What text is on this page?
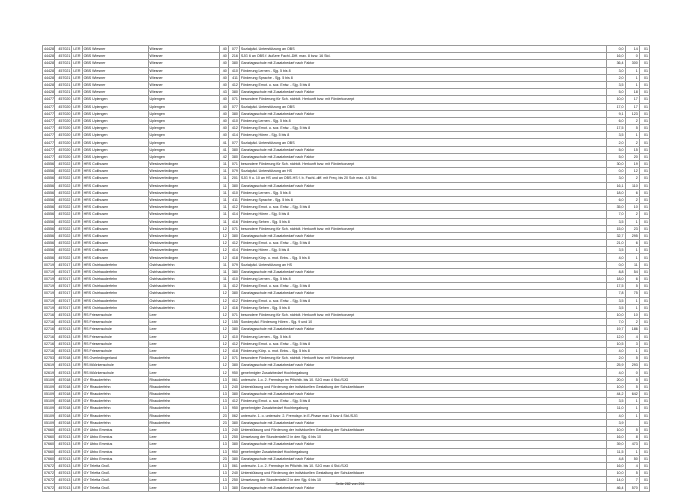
44428	457021	LER	OBS Wiesner	Wiesner	40	077	Sozialpäd. Unterstützung an OBS	0,0	14	01
44428	457021	LER	OBS Wiesner	Wiesner	40	216	SJG 6 an OBS f. äußere Fachl.-Diff. max. 8 bzw. 16 Std.	16,0	0	01
44428	457021	LER	OBS Wiesner	Wiesner	40	380	Ganztagsschule mit Zusatzbedarf nach Faktor	36,4	300	01
44428	457021	LER	OBS Wiesner	Wiesner	40	410	Förderung Lernen - Sjg. 5 bis 8	3,0	1	01
44428	457021	LER	OBS Wiesner	Wiesner	40	411	Förderung Sprache - Sjg. 5 bis 8	2,0	1	01
44428	457021	LER	OBS Wiesner	Wiesner	40	412	Förderung Emot. u. soz. Entw. - Sjg. 5 bis 8	3,5	1	01
44428	457021	LER	OBS Wiesner	Wiesner	43	380	Ganztagsschule mit Zusatzbedarf nach Faktor	5,0	18	01
44477	457020	LER	OBS Uplengen	Uplengen	40	071	besondere Förderung für Sch. nichtdt. Herkunft bzw. mit Förderkonzept	10,0	17	01
44477	457020	LER	OBS Uplengen	Uplengen	40	077	Sozialpäd. Unterstützung an OBS	17,0	17	01
44477	457020	LER	OBS Uplengen	Uplengen	40	380	Ganztagsschule mit Zusatzbedarf nach Faktor	9,1	123	01
44477	457020	LER	OBS Uplengen	Uplengen	40	410	Förderung Lernen - Sjg. 5 bis 8	6,0	2	01
44477	457020	LER	OBS Uplengen	Uplengen	40	412	Förderung Emot. u. soz. Entw. - Sjg. 5 bis 8	17,5	5	01
44477	457020	LER	OBS Uplengen	Uplengen	40	414	Förderung Hören - Sjg. 5 bis 8	3,5	1	01
44477	457020	LER	OBS Uplengen	Uplengen	41	077	Sozialpäd. Unterstützung an OBS	2,0	2	01
44477	457020	LER	OBS Uplengen	Uplengen	41	380	Ganztagsschule mit Zusatzbedarf nach Faktor	5,0	15	01
44477	457020	LER	OBS Uplengen	Uplengen	42	380	Ganztagsschule mit Zusatzbedarf nach Faktor	5,0	20	01
44556	457022	LER	HRS Collhusen	Westoverledingen	11	071	besondere Förderung für Sch. nichtdt. Herkunft bzw. mit Förderkonzept	30,0	19	01
44556	457022	LER	HRS Collhusen	Westoverledingen	11	079	Sozialpäd. Unterstützung an HS	0,0	12	01
44556	457022	LER	HRS Collhusen	Westoverledingen	11	201	SJG 9 u. 10 an HS und an OBS-HS f. b. Fachl.-diff. mit Freq. bis 20 Sch max. 4,5 Std.	3,0	2	01
44556	457022	LER	HRS Collhusen	Westoverledingen	11	380	Ganztagsschule mit Zusatzbedarf nach Faktor	16,1	110	01
44556	457022	LER	HRS Collhusen	Westoverledingen	11	410	Förderung Lernen - Sjg. 5 bis 8	18,0	6	01
44556	457022	LER	HRS Collhusen	Westoverledingen	11	411	Förderung Sprache - Sjg. 5 bis 8	6,0	2	01
44556	457022	LER	HRS Collhusen	Westoverledingen	11	412	Förderung Emot. u. soz. Entw. - Sjg. 5 bis 8	35,0	10	01
44556	457022	LER	HRS Collhusen	Westoverledingen	11	414	Förderung Hören - Sjg. 5 bis 8	7,0	2	01
44556	457022	LER	HRS Collhusen	Westoverledingen	11	416	Förderung Sehen - Sjg. 5 bis 8	3,5	1	01
44556	457022	LER	HRS Collhusen	Westoverledingen	12	071	besondere Förderung für Sch. nichtdt. Herkunft bzw. mit Förderkonzept	15,0	23	01
44556	457022	LER	HRS Collhusen	Westoverledingen	12	380	Ganztagsschule mit Zusatzbedarf nach Faktor	32,7	295	01
44556	457022	LER	HRS Collhusen	Westoverledingen	12	412	Förderung Emot. u. soz. Entw. - Sjg. 5 bis 8	21,0	6	01
44556	457022	LER	HRS Collhusen	Westoverledingen	12	414	Förderung Hören - Sjg. 5 bis 8	3,5	1	01
44556	457022	LER	HRS Collhusen	Westoverledingen	12	418	Förderung Körp. u. mot. Entw. - Sjg. 5 bis 8	4,0	1	01
00719	457017	LER	HRS Ostrhauderfehn	Ostrhauderfehn	11	079	Sozialpäd. Unterstützung an HS	0,0	11	01
00719	457017	LER	HRS Ostrhauderfehn	Ostrhauderfehn	11	380	Ganztagsschule mit Zusatzbedarf nach Faktor	8,8	54	01
00719	457017	LER	HRS Ostrhauderfehn	Ostrhauderfehn	11	410	Förderung Lernen - Sjg. 5 bis 8	18,0	6	01
00719	457017	LER	HRS Ostrhauderfehn	Ostrhauderfehn	11	412	Förderung Emot. u. soz. Entw. - Sjg. 5 bis 8	17,5	5	01
00719	457017	LER	HRS Ostrhauderfehn	Ostrhauderfehn	12	380	Ganztagsschule mit Zusatzbedarf nach Faktor	7,8	75	01
00719	457017	LER	HRS Ostrhauderfehn	Ostrhauderfehn	12	412	Förderung Emot. u. soz. Entw. - Sjg. 5 bis 8	3,5	1	01
00719	457017	LER	HRS Ostrhauderfehn	Ostrhauderfehn	12	416	Förderung Sehen - Sjg. 5 bis 8	3,5	1	01
02716	457013	LER	RS Friesenschule	Leer	12	071	besondere Förderung für Sch. nichtdt. Herkunft bzw. mit Förderkonzept	10,0	10	01
02716	457013	LER	RS Friesenschule	Leer	12	155	Sonderpäd. Förderung Hören - Sjg. 9 und 10	7,0	2	01
02716	457013	LER	RS Friesenschule	Leer	12	380	Ganztagsschule mit Zusatzbedarf nach Faktor	19,7	186	01
02716	457013	LER	RS Friesenschule	Leer	12	410	Förderung Lernen - Sjg. 5 bis 8	12,0	4	01
02716	457013	LER	RS Friesenschule	Leer	12	412	Förderung Emot. u. soz. Entw. - Sjg. 5 bis 8	10,5	3	01
02716	457013	LER	RS Friesenschule	Leer	12	418	Förderung Körp. u. mot. Entw. - Sjg. 5 bis 8	4,0	1	01
02753	457018	LER	RS Overledingerland	Rhauderfehn	12	071	besondere Förderung für Sch. nichtdt. Herkunft bzw. mit Förderkonzept	2,0	5	01
02619	457013	LER	RS Möörkenschule	Leer	12	380	Ganztagsschule mit Zusatzbedarf nach Faktor	25,9	293	01
02619	457013	LER	RS Möörkenschule	Leer	12	950	genehmigter Zusatzbedarf Hochbegabung	4,0	0	01
05109	457018	LER	GY Rhauderfehn	Rhauderfehn	13	061	unterschr. 1.o. 2. Fremdspr im Pflichtb. bis 10. SJG max 4 Std./SJG	20,0	5	01
05109	457018	LER	GY Rhauderfehn	Rhauderfehn	13	240	Unterstützung und Förderung der individuellen Gestaltung der Schulzeitdauer	10,0	5	01
05109	457018	LER	GY Rhauderfehn	Rhauderfehn	13	380	Ganztagsschule mit Zusatzbedarf nach Faktor	44,2	642	01
05109	457018	LER	GY Rhauderfehn	Rhauderfehn	13	412	Förderung Emot. u. soz. Entw. - Sjg. 5 bis 8	3,5	1	01
05109	457018	LER	GY Rhauderfehn	Rhauderfehn	13	950	genehmigter Zusatzbedarf Hochbegabung	11,0	1	01
05109	457018	LER	GY Rhauderfehn	Rhauderfehn	23	062	unterschr. 1. o. unterschr. 2. Fremdspr. in E-Phase max 3 bzw 4 Std./SJG	4,0	1	01
05109	457018	LER	GY Rhauderfehn	Rhauderfehn	23	380	Ganztagsschule mit Zusatzbedarf nach Faktor	3,9		01
07660	457013	LER	GY Ubbo Emmius	Leer	13	240	Unterstützung und Förderung der individuellen Gestaltung der Schulzeitdauer	10,0	5	01
07660	457013	LER	GY Ubbo Emmius	Leer	13	250	Umsetzung der Stundentafel 2 in den Sjg. 6 bis 10	16,0	8	01
07660	457013	LER	GY Ubbo Emmius	Leer	13	380	Ganztagsschule mit Zusatzbedarf nach Faktor	39,0	473	01
07660	457013	LER	GY Ubbo Emmius	Leer	13	950	genehmigter Zusatzbedarf Hochbegabung	11,5	1	01
07660	457013	LER	GY Ubbo Emmius	Leer	23	380	Ganztagsschule mit Zusatzbedarf nach Faktor	4,8	50	01
07672	457013	LER	GY Teletta Groß	Leer	13	061	unterschr. 1.o. 2. Fremdspr im Pflichtb. bis 10. SJG max 4 Std./SJG	16,0	4	01
07672	457013	LER	GY Teletta Groß	Leer	13	240	Unterstützung und Förderung der individuellen Gestaltung der Schulzeitdauer	10,0	5	01
07672	457013	LER	GY Teletta Groß	Leer	13	250	Umsetzung der Stundentafel 2 in den Sjg. 6 bis 10	14,0	7	01
07672	457013	LER	GY Teletta Groß	Leer	13	380	Ganztagsschule mit Zusatzbedarf nach Faktor	46,4	570	01
Seite 282 von 294
